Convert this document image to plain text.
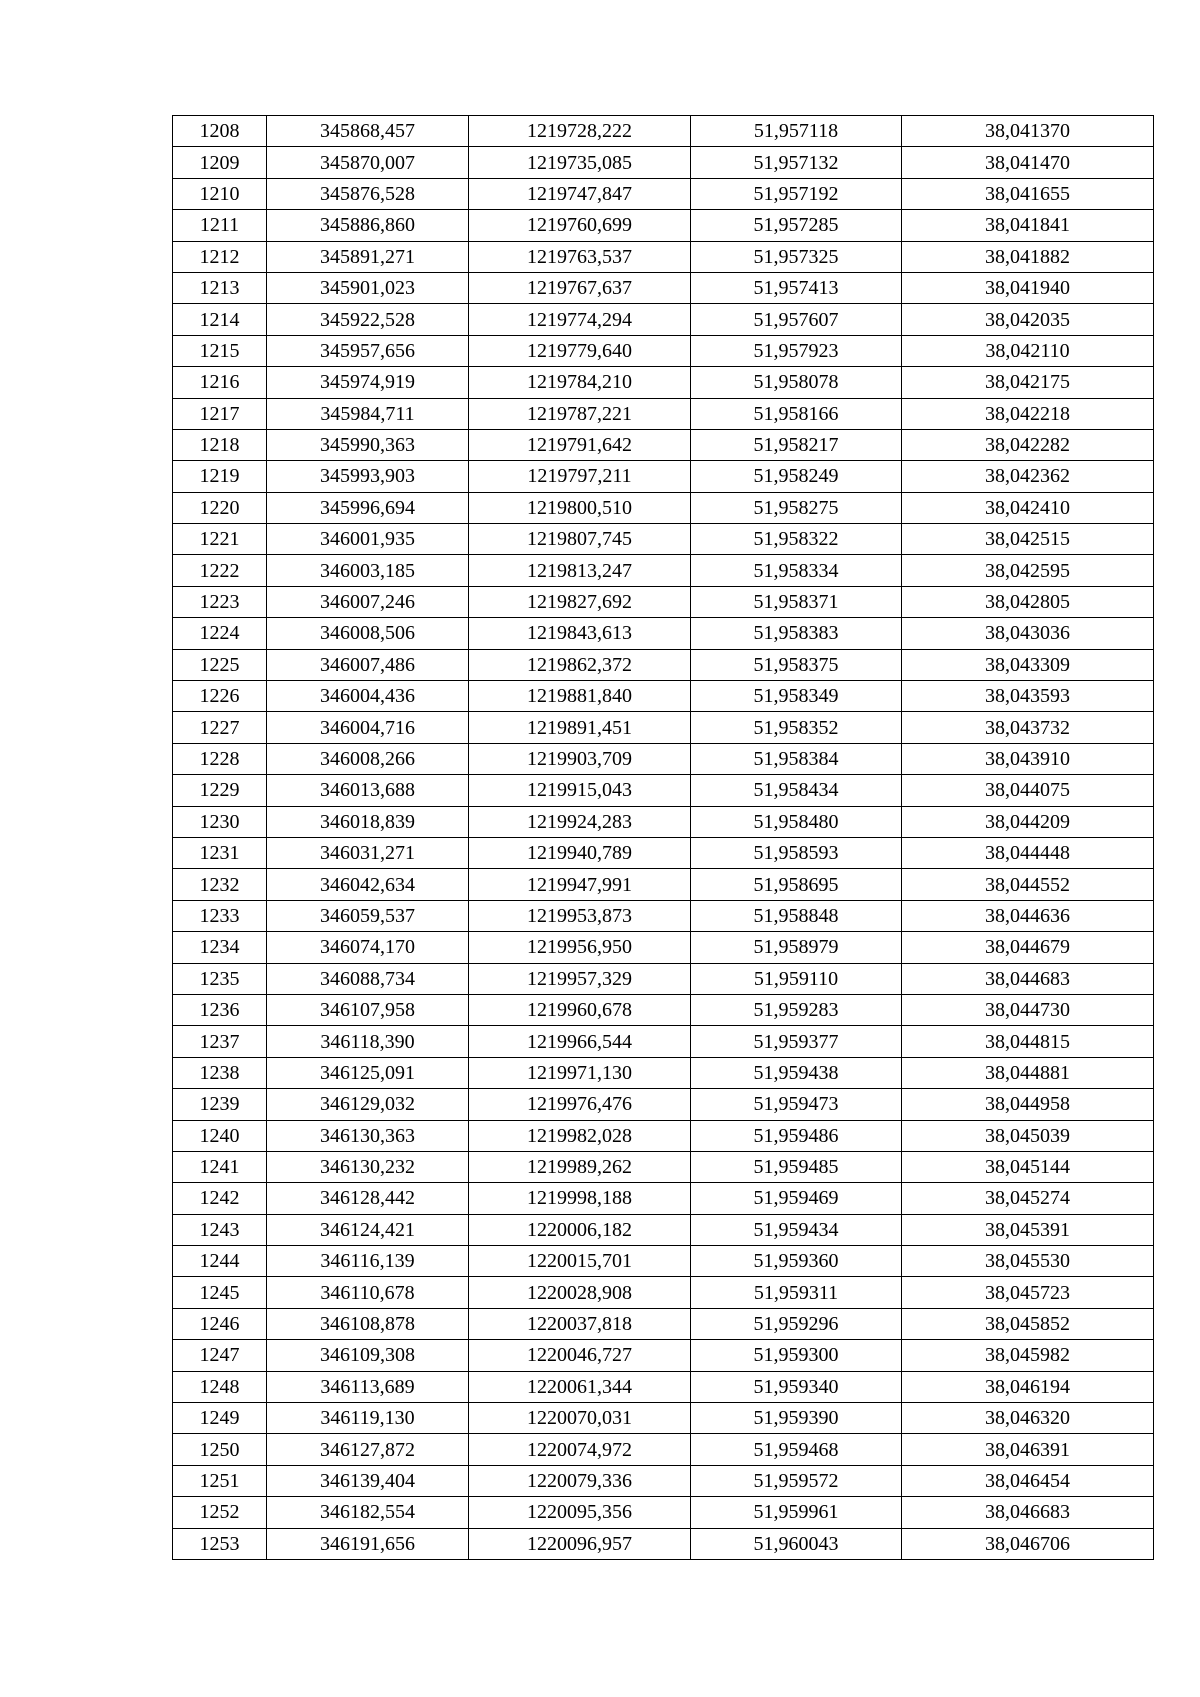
1208	345868,457	1219728,222	51,957118	38,041370
1209	345870,007	1219735,085	51,957132	38,041470
1210	345876,528	1219747,847	51,957192	38,041655
1211	345886,860	1219760,699	51,957285	38,041841
1212	345891,271	1219763,537	51,957325	38,041882
1213	345901,023	1219767,637	51,957413	38,041940
1214	345922,528	1219774,294	51,957607	38,042035
1215	345957,656	1219779,640	51,957923	38,042110
1216	345974,919	1219784,210	51,958078	38,042175
1217	345984,711	1219787,221	51,958166	38,042218
1218	345990,363	1219791,642	51,958217	38,042282
1219	345993,903	1219797,211	51,958249	38,042362
1220	345996,694	1219800,510	51,958275	38,042410
1221	346001,935	1219807,745	51,958322	38,042515
1222	346003,185	1219813,247	51,958334	38,042595
1223	346007,246	1219827,692	51,958371	38,042805
1224	346008,506	1219843,613	51,958383	38,043036
1225	346007,486	1219862,372	51,958375	38,043309
1226	346004,436	1219881,840	51,958349	38,043593
1227	346004,716	1219891,451	51,958352	38,043732
1228	346008,266	1219903,709	51,958384	38,043910
1229	346013,688	1219915,043	51,958434	38,044075
1230	346018,839	1219924,283	51,958480	38,044209
1231	346031,271	1219940,789	51,958593	38,044448
1232	346042,634	1219947,991	51,958695	38,044552
1233	346059,537	1219953,873	51,958848	38,044636
1234	346074,170	1219956,950	51,958979	38,044679
1235	346088,734	1219957,329	51,959110	38,044683
1236	346107,958	1219960,678	51,959283	38,044730
1237	346118,390	1219966,544	51,959377	38,044815
1238	346125,091	1219971,130	51,959438	38,044881
1239	346129,032	1219976,476	51,959473	38,044958
1240	346130,363	1219982,028	51,959486	38,045039
1241	346130,232	1219989,262	51,959485	38,045144
1242	346128,442	1219998,188	51,959469	38,045274
1243	346124,421	1220006,182	51,959434	38,045391
1244	346116,139	1220015,701	51,959360	38,045530
1245	346110,678	1220028,908	51,959311	38,045723
1246	346108,878	1220037,818	51,959296	38,045852
1247	346109,308	1220046,727	51,959300	38,045982
1248	346113,689	1220061,344	51,959340	38,046194
1249	346119,130	1220070,031	51,959390	38,046320
1250	346127,872	1220074,972	51,959468	38,046391
1251	346139,404	1220079,336	51,959572	38,046454
1252	346182,554	1220095,356	51,959961	38,046683
1253	346191,656	1220096,957	51,960043	38,046706
